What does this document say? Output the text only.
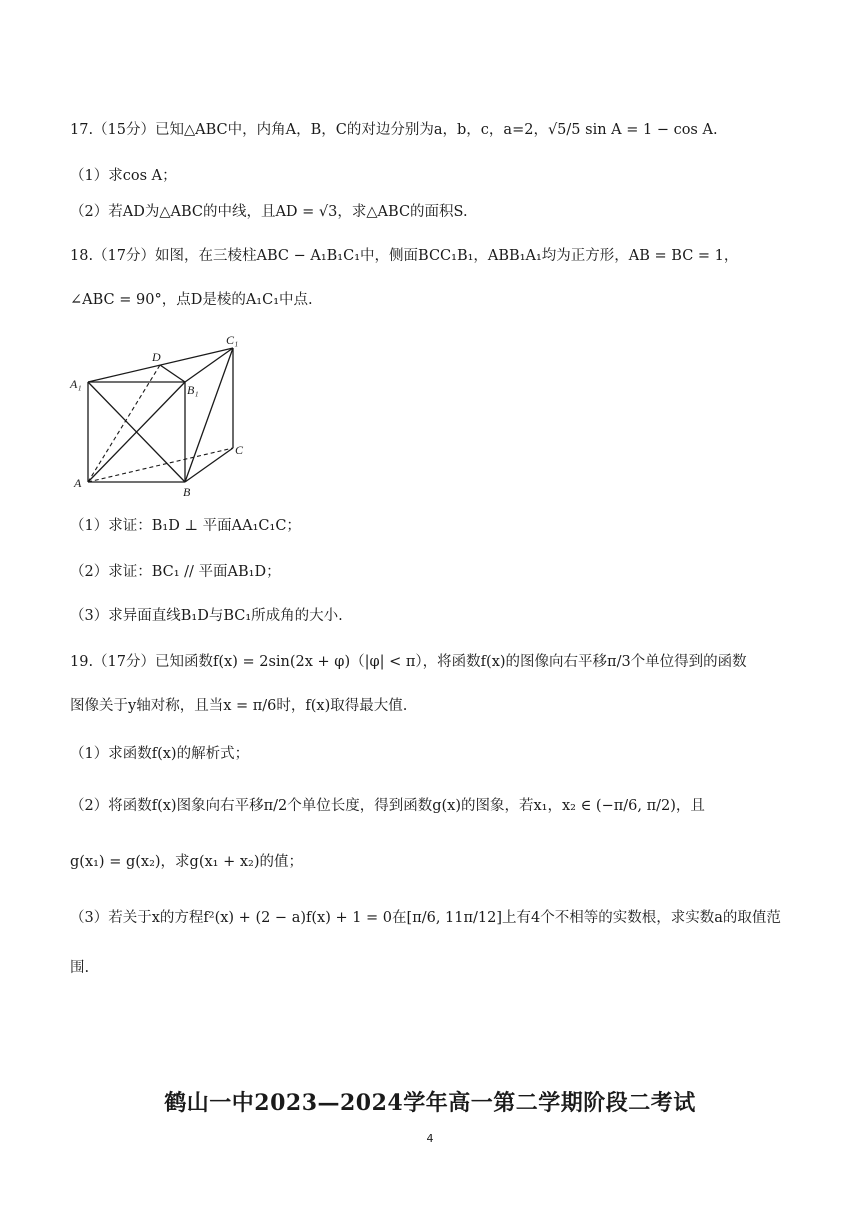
17.（15分）已知△ABC中，内角A，B，C的对边分别为a，b，c，a=2，√5/5 sin A = 1 − cos A.
（1）求cos A；
（2）若AD为△ABC的中线，且AD = √3，求△ABC的面积S.
18.（17分）如图，在三棱柱ABC − A₁B₁C₁中，侧面BCC₁B₁，ABB₁A₁均为正方形，AB = BC = 1，
∠ABC = 90°，点D是棱的A₁C₁中点.
D
A₁	B₁
C₁
C
A
B
（1）求证：B₁D ⊥ 平面AA₁C₁C；
（2）求证：BC₁ // 平面AB₁D；
（3）求异面直线B₁D与BC₁所成角的大小.
19.（17分）已知函数f(x) = 2sin(2x + φ)（|φ| < π），将函数f(x)的图像向右平移π/3个单位得到的函数
图像关于y轴对称，且当x = π/6时，f(x)取得最大值.
（1）求函数f(x)的解析式；
（2）将函数f(x)图象向右平移π/2个单位长度，得到函数g(x)的图象，若x₁，x₂ ∈ (−π/6, π/2)，且
g(x₁) = g(x₂)，求g(x₁ + x₂)的值；
（3）若关于x的方程f²(x) + (2 − a)f(x) + 1 = 0在[π/6, 11π/12]上有4个不相等的实数根，求实数a的取值范
围.
鹤山一中2023—2024学年高一第二学期阶段二考试
4
